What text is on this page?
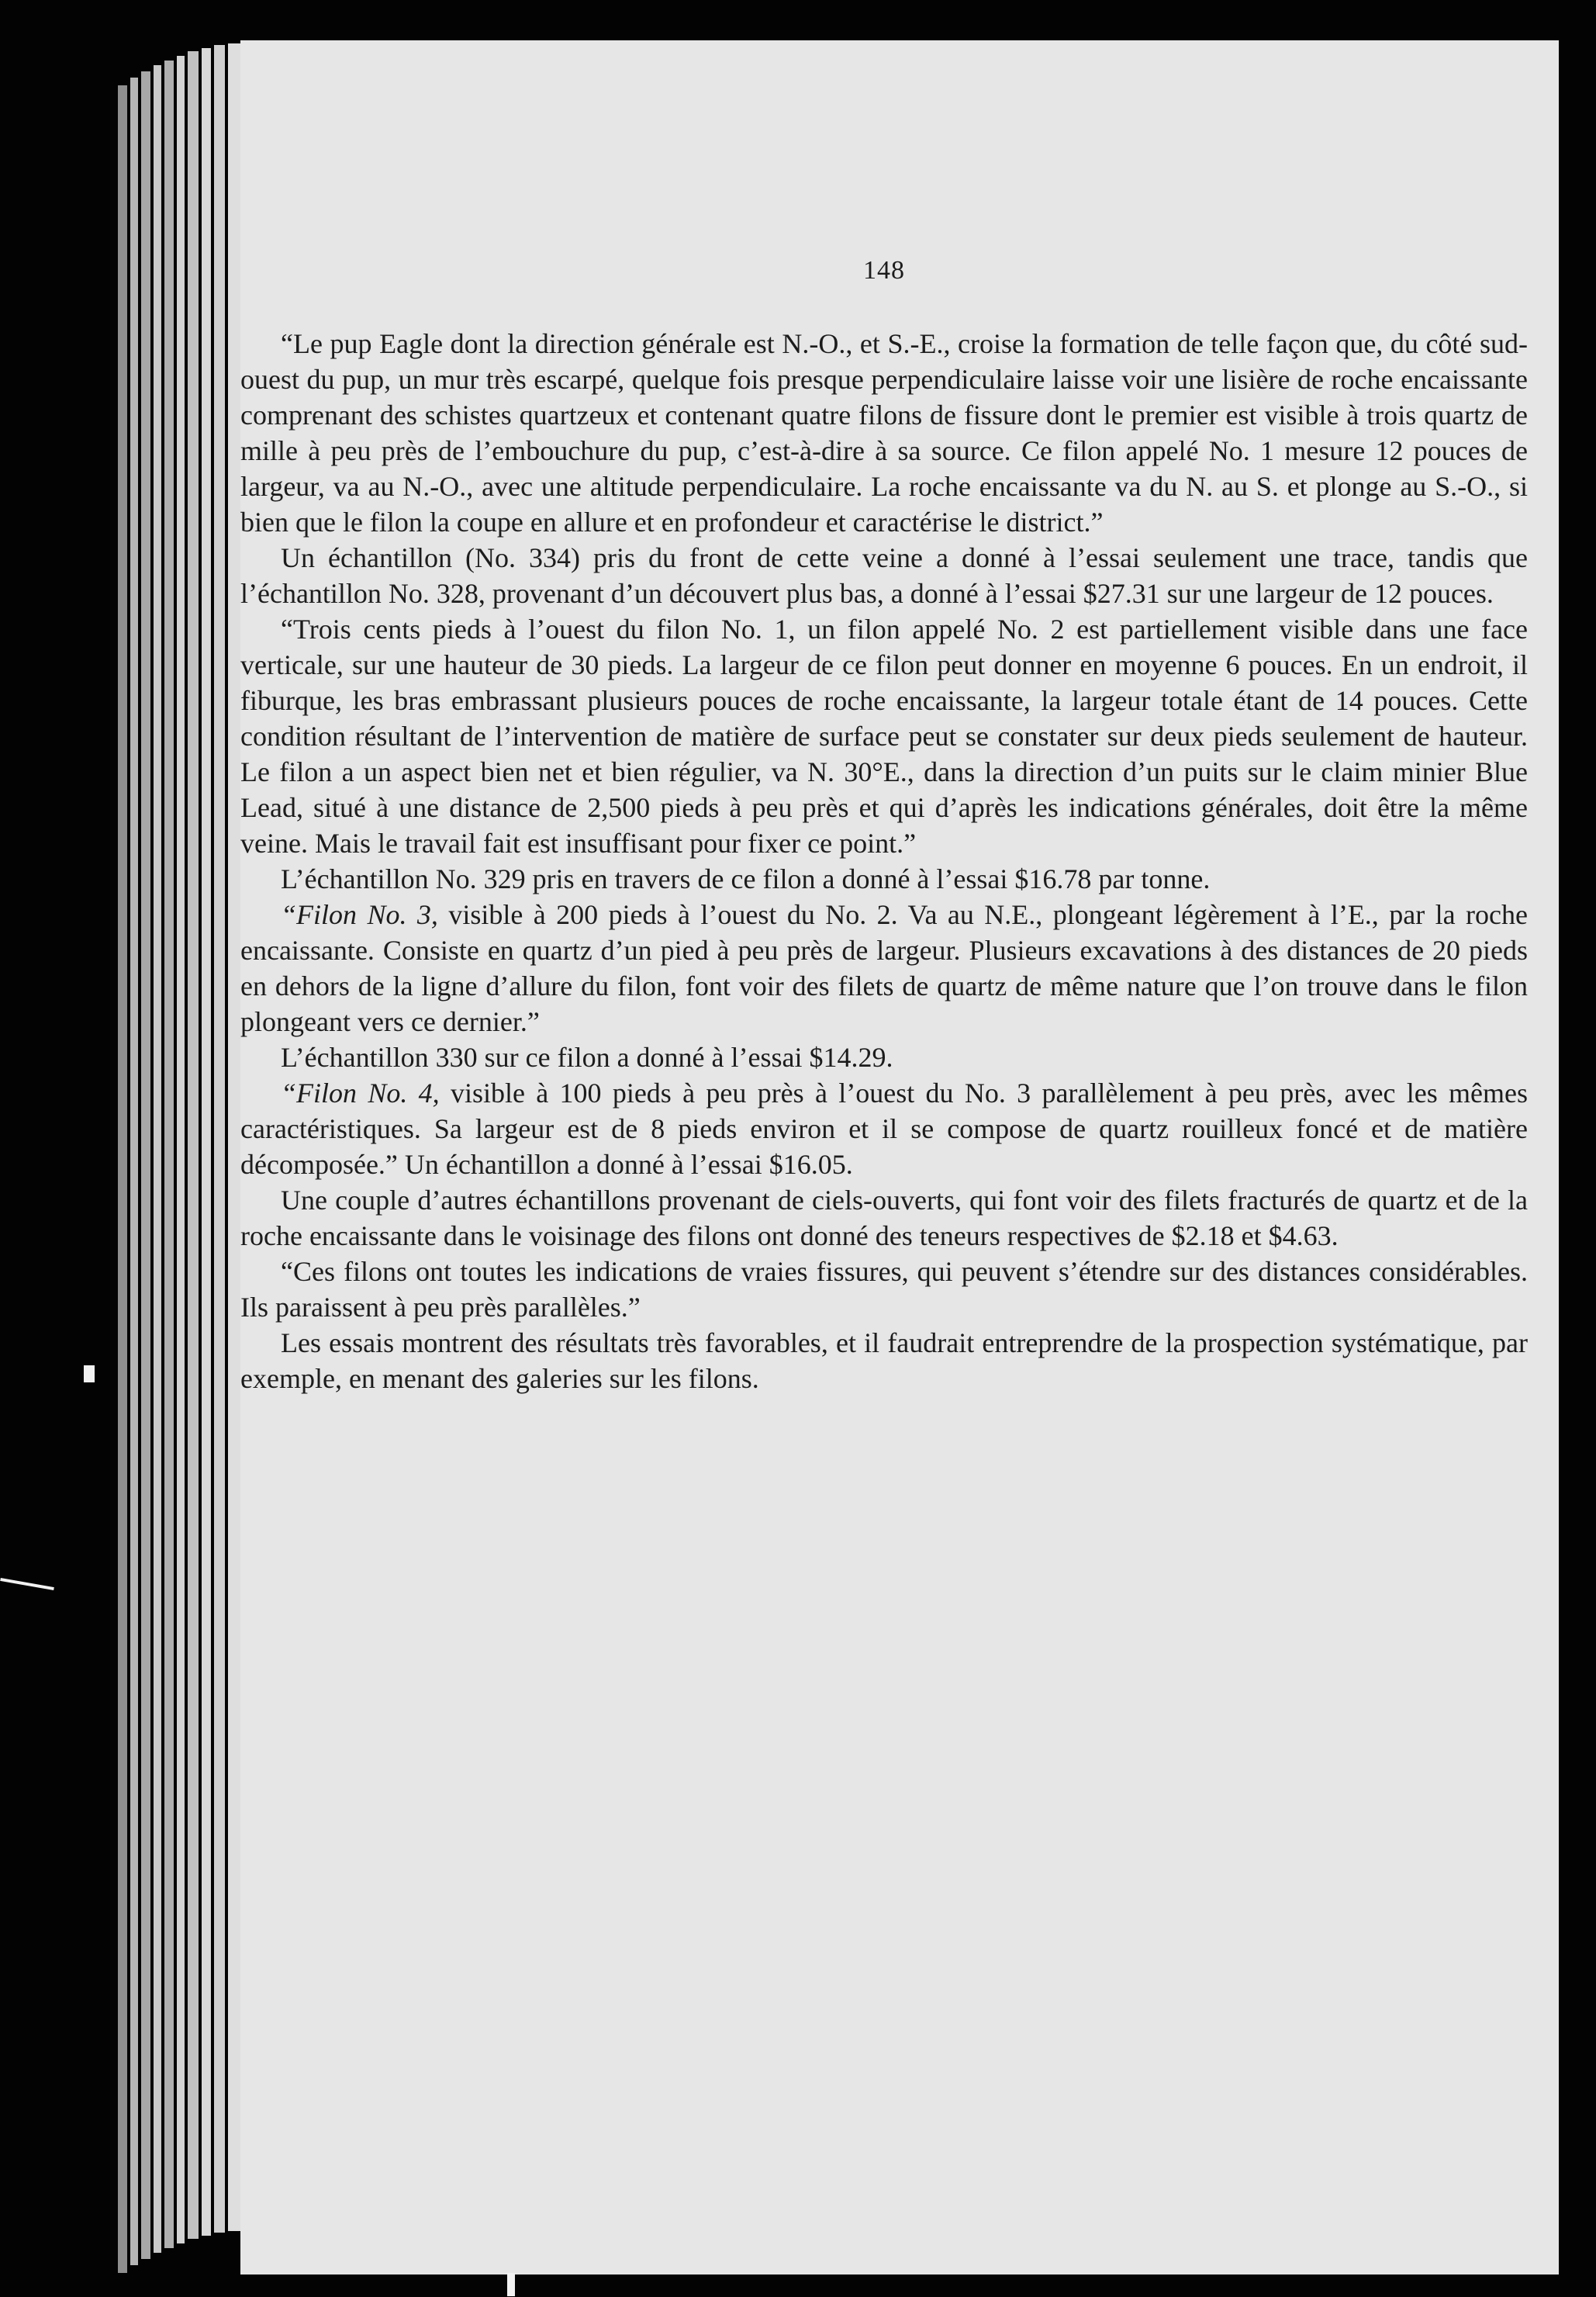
148

“Le pup Eagle dont la direction générale est N.-O., et S.-E., croise la formation de telle façon que, du côté sud-ouest du pup, un mur très escarpé, quelque fois presque perpendiculaire laisse voir une lisière de roche encaissante comprenant des schistes quartzeux et contenant quatre filons de fissure dont le premier est visible à trois quartz de mille à peu près de l’embouchure du pup, c’est-à-dire à sa source. Ce filon appelé No. 1 mesure 12 pouces de largeur, va au N.-O., avec une altitude perpendiculaire. La roche encaissante va du N. au S. et plonge au S.-O., si bien que le filon la coupe en allure et en profondeur et caractérise le district.”

Un échantillon (No. 334) pris du front de cette veine a donné à l’essai seulement une trace, tandis que l’échantillon No. 328, provenant d’un découvert plus bas, a donné à l’essai $27.31 sur une largeur de 12 pouces.

“Trois cents pieds à l’ouest du filon No. 1, un filon appelé No. 2 est partiellement visible dans une face verticale, sur une hauteur de 30 pieds. La largeur de ce filon peut donner en moyenne 6 pouces. En un endroit, il fiburque, les bras embrassant plusieurs pouces de roche encaissante, la largeur totale étant de 14 pouces. Cette condition résultant de l’intervention de matière de surface peut se constater sur deux pieds seulement de hauteur. Le filon a un aspect bien net et bien régulier, va N. 30°E., dans la direction d’un puits sur le claim minier Blue Lead, situé à une distance de 2,500 pieds à peu près et qui d’après les indications générales, doit être la même veine. Mais le travail fait est insuffisant pour fixer ce point.”

L’échantillon No. 329 pris en travers de ce filon a donné à l’essai $16.78 par tonne.

“Filon No. 3, visible à 200 pieds à l’ouest du No. 2. Va au N.E., plongeant légèrement à l’E., par la roche encaissante. Consiste en quartz d’un pied à peu près de largeur. Plusieurs excavations à des distances de 20 pieds en dehors de la ligne d’allure du filon, font voir des filets de quartz de même nature que l’on trouve dans le filon plongeant vers ce dernier.”

L’échantillon 330 sur ce filon a donné à l’essai $14.29.

“Filon No. 4, visible à 100 pieds à peu près à l’ouest du No. 3 parallèlement à peu près, avec les mêmes caractéristiques. Sa largeur est de 8 pieds environ et il se compose de quartz rouilleux foncé et de matière décomposée.” Un échantillon a donné à l’essai $16.05.

Une couple d’autres échantillons provenant de ciels-ouverts, qui font voir des filets fracturés de quartz et de la roche encaissante dans le voisinage des filons ont donné des teneurs respectives de $2.18 et $4.63.

“Ces filons ont toutes les indications de vraies fissures, qui peuvent s’étendre sur des distances considérables. Ils paraissent à peu près parallèles.”

Les essais montrent des résultats très favorables, et il faudrait entreprendre de la prospection systématique, par exemple, en menant des galeries sur les filons.
